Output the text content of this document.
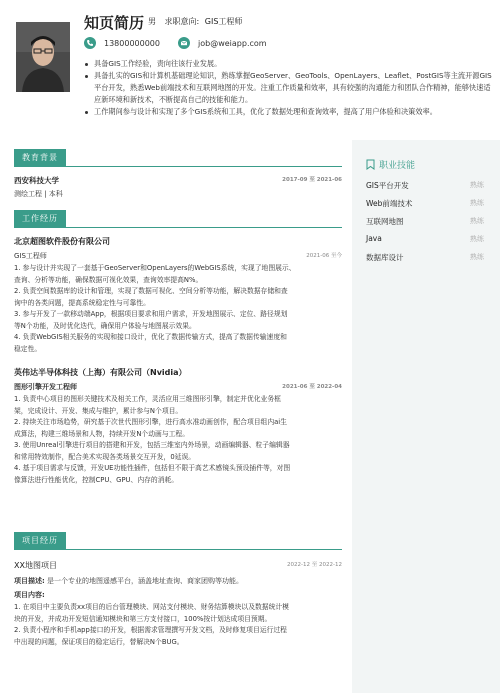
知页简历 男 求职意向: GIS工程师
13800000000	job@weiapp.com
具备GIS工作经验，责向往该行业发展。
具备扎实的GIS和计算机基础理论知识，熟练掌握GeoServer、GeoTools、OpenLayers、Leaflet、PostGIS等主流开源GIS平台开发，熟悉Web前端技术和互联网地图的开发。注重工作质量和效率，具有较强的沟通能力和团队合作精神，能够快速适应新环境和新技术，不断提高自己的技能和能力。
工作期间参与设计和实现了多个GIS系统和工具，优化了数据处理和查询效率，提高了用户体验和决策效率。
教育背景
西安科技大学	2017-09 至 2021-06
测绘工程 | 本科
工作经历
北京超图软件股份有限公司
GIS工程师	2021-06 至今
1. 参与设计并实现了一套基于GeoServer和OpenLayers的WebGIS系统，实现了地图展示、
查询、分析等功能，确保数据可视化效果，查询效率提高N%。
2. 负责空间数据库的设计和管理，实现了数据可视化、空间分析等功能，解决数据存储和查
询中的各类问题，提高系统稳定性与可靠性。
3. 参与开发了一款移动端App，根据项目要求和用户需求，开发地图展示、定位、路径规划
等N个功能，及时优化迭代，确保用户体验与地图展示效果。
4. 负责WebGIS相关服务的实现和接口设计，优化了数据传输方式，提高了数据传输速度和
稳定性。
英伟达半导体科技（上海）有限公司（Nvidia）
图形引擎开发工程师	2021-06 至 2022-04
1. 负责中心项目的图形关键技术及相关工作，灵活应用三维图形引擎，制定并优化业务框
架，完成设计、开发、集成与维护，累计参与N个项目。
2. 持续关注市场趋势，研究基于次世代图形引擎，进行高水准动画创作，配合项目组内ai生
成算法，构建三维场景和人物，持续开发N个动画与工程。
3. 使用Unreal引擎进行项目的搭建和开发，包括三维室内外场景，动画编辑器、粒子编辑器
和常用特效制作，配合美术实现各类场景交互开发，0延误。
4. 基于项目需求与反馈，开发UE功能性插件，包括但不限于高艺术感镜头预设插件等，对图
像算法进行性能优化，控制CPU、GPU、内存的消耗。
项目经历
XX地图项目	2022-12 至 2022-12
项目描述: 是一个专业的地图遥感平台，涵盖地址查询、商家团购等功能。
项目内容:
1. 在项目中主要负责xx项目的后台管理模块、网站支付模块、财务结算模块以及数据统计模
块的开发，并成功开发短信通知模块和第三方支付接口，100%按计划达成项目预期。
2. 负责小程序和手机app接口的开发，根据需求管理撰写开发文档，及时修复项目运行过程
中出现的问题，保证项目的稳定运行，替解决N个BUG。
职业技能
GIS平台开发	熟练
Web前端技术	熟练
互联网地图	熟练
Java	熟练
数据库设计	熟练
